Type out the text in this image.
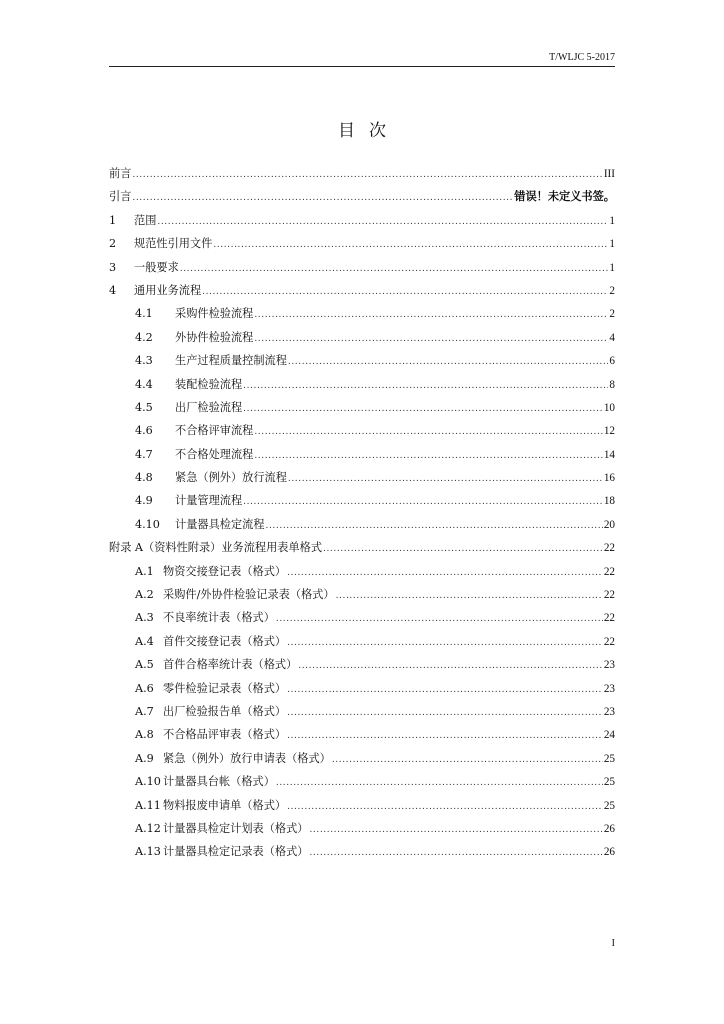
T/WLJC 5-2017
目次
前言 .....	III
引言 .....	错误！未定义书签。
1	范围 .....	1
2	规范性引用文件 .....	1
3	一般要求 .....	1
4	通用业务流程 .....	2
4.1	采购件检验流程 .....	2
4.2	外协件检验流程 .....	4
4.3	生产过程质量控制流程 .....	6
4.4	装配检验流程 .....	8
4.5	出厂检验流程 .....	10
4.6	不合格评审流程 .....	12
4.7	不合格处理流程 .....	14
4.8	紧急（例外）放行流程 .....	16
4.9	计量管理流程 .....	18
4.10	计量器具检定流程 .....	20
附录 A（资料性附录）业务流程用表单格式 .....	22
A.1 物资交接登记表（格式） .....	22
A.2 采购件/外协件检验记录表（格式） .....	22
A.3 不良率统计表（格式） .....	22
A.4 首件交接登记表（格式） .....	22
A.5 首件合格率统计表（格式） .....	23
A.6 零件检验记录表（格式） .....	23
A.7 出厂检验报告单（格式） .....	23
A.8 不合格品评审表（格式） .....	24
A.9 紧急（例外）放行申请表（格式） .....	25
A.10 计量器具台帐（格式） .....	25
A.11 物料报废申请单（格式） .....	25
A.12 计量器具检定计划表（格式） .....	26
A.13 计量器具检定记录表（格式） .....	26
I
